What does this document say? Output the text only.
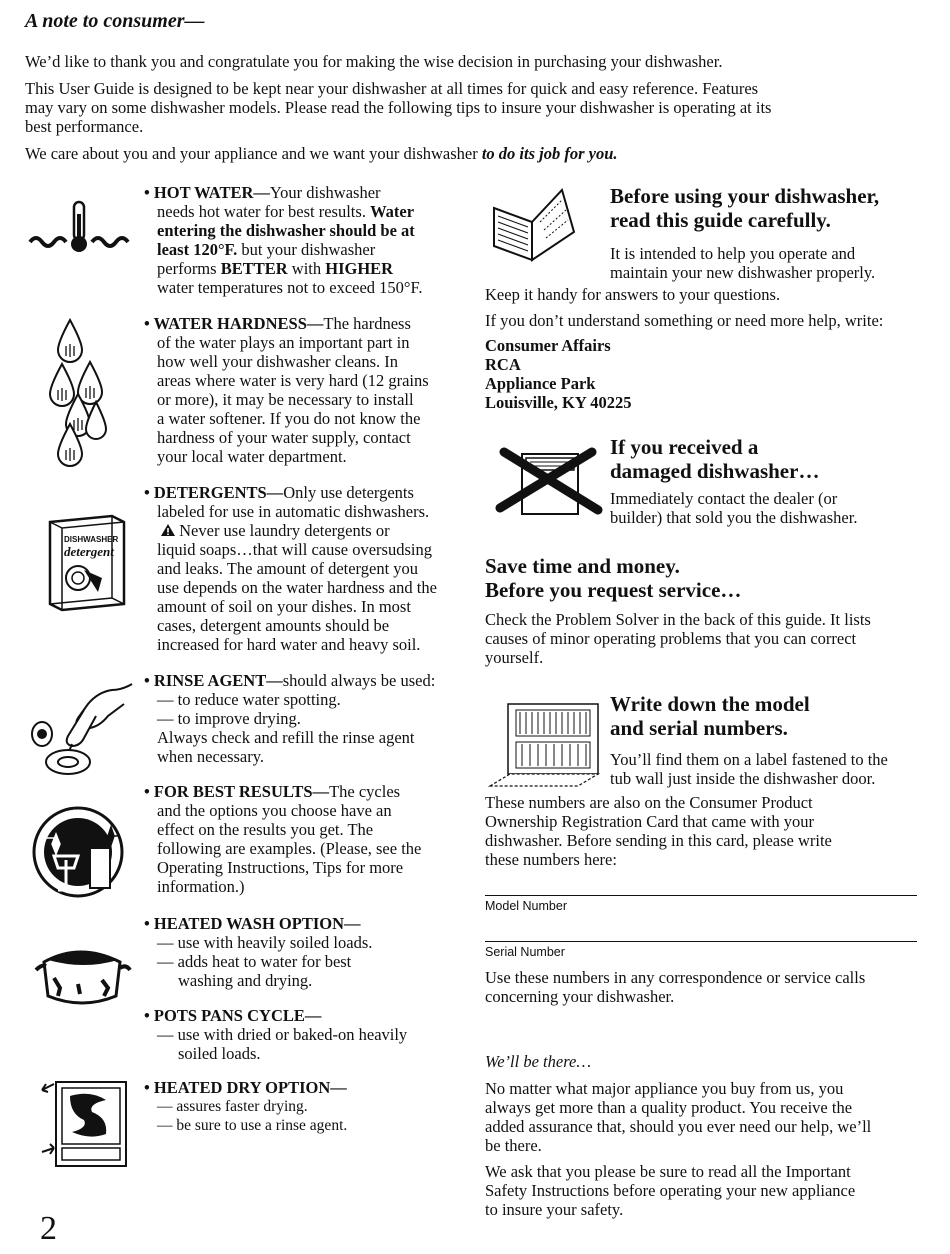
A note to consumer—
We’d like to thank you and congratulate you for making the wise decision in purchasing your dishwasher.
This User Guide is designed to be kept near your dishwasher at all times for quick and easy reference. Features
may vary on some dishwasher models. Please read the following tips to insure your dishwasher is operating at its
best performance.
We care about you and your appliance and we want your dishwasher to do its job for you.
• HOT WATER—Your dishwasher
needs hot water for best results. Water
entering the dishwasher should be at
least 120°F. but your dishwasher
performs BETTER with HIGHER
water temperatures not to exceed 150°F.
• WATER HARDNESS—The hardness
of the water plays an important part in
how well your dishwasher cleans. In
areas where water is very hard (12 grains
or more), it may be necessary to install
a water softener. If you do not know the
hardness of your water supply, contact
your local water department.
DISHWASHER
detergent
• DETERGENTS—Only use detergents
labeled for use in automatic dishwashers.
Never use laundry detergents or
liquid soaps…that will cause oversudsing
and leaks. The amount of detergent you
use depends on the water hardness and the
amount of soil on your dishes. In most
cases, detergent amounts should be
increased for hard water and heavy soil.
• RINSE AGENT—should always be used:
— to reduce water spotting.
— to improve drying.
Always check and refill the rinse agent
when necessary.
• FOR BEST RESULTS—The cycles
and the options you choose have an
effect on the results you get. The
following are examples. (Please, see the
Operating Instructions, Tips for more
information.)
• HEATED WASH OPTION—
— use with heavily soiled loads.
— adds heat to water for best
washing and drying.
• POTS PANS CYCLE—
— use with dried or baked-on heavily
soiled loads.
• HEATED DRY OPTION—
— assures faster drying.
— be sure to use a rinse agent.
Before using your dishwasher,
read this guide carefully.
It is intended to help you operate and
maintain your new dishwasher properly.
Keep it handy for answers to your questions.
If you don’t understand something or need more help, write:
Consumer Affairs
RCA
Appliance Park
Louisville, KY 40225
If you received a
damaged dishwasher…
Immediately contact the dealer (or
builder) that sold you the dishwasher.
Save time and money.
Before you request service…
Check the Problem Solver in the back of this guide. It lists
causes of minor operating problems that you can correct
yourself.
Write down the model
and serial numbers.
You’ll find them on a label fastened to the
tub wall just inside the dishwasher door.
These numbers are also on the Consumer Product
Ownership Registration Card that came with your
dishwasher. Before sending in this card, please write
these numbers here:
Model Number
Serial Number
Use these numbers in any correspondence or service calls
concerning your dishwasher.
We’ll be there…
No matter what major appliance you buy from us, you
always get more than a quality product. You receive the
added assurance that, should you ever need our help, we’ll
be there.
We ask that you please be sure to read all the Important
Safety Instructions before operating your new appliance
to insure your safety.
2
